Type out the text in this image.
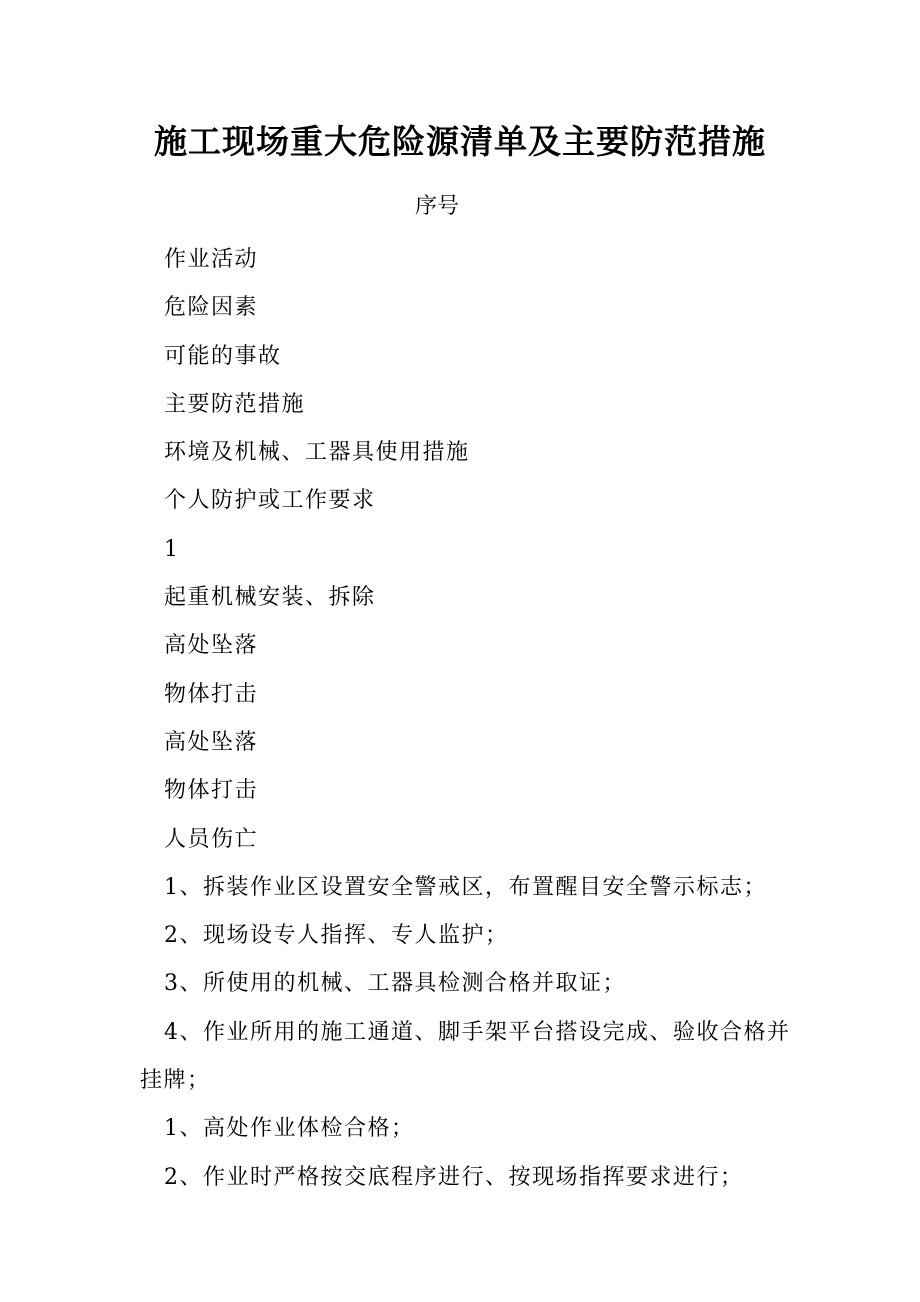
施工现场重大危险源清单及主要防范措施

序号

作业活动

危险因素

可能的事故

主要防范措施

环境及机械、工器具使用措施

个人防护或工作要求

1

起重机械安装、拆除

高处坠落

物体打击

高处坠落

物体打击

人员伤亡

1、拆装作业区设置安全警戒区，布置醒目安全警示标志；

2、现场设专人指挥、专人监护；

3、所使用的机械、工器具检测合格并取证；

4、作业所用的施工通道、脚手架平台搭设完成、验收合格并挂牌；

1、高处作业体检合格；

2、作业时严格按交底程序进行、按现场指挥要求进行；
